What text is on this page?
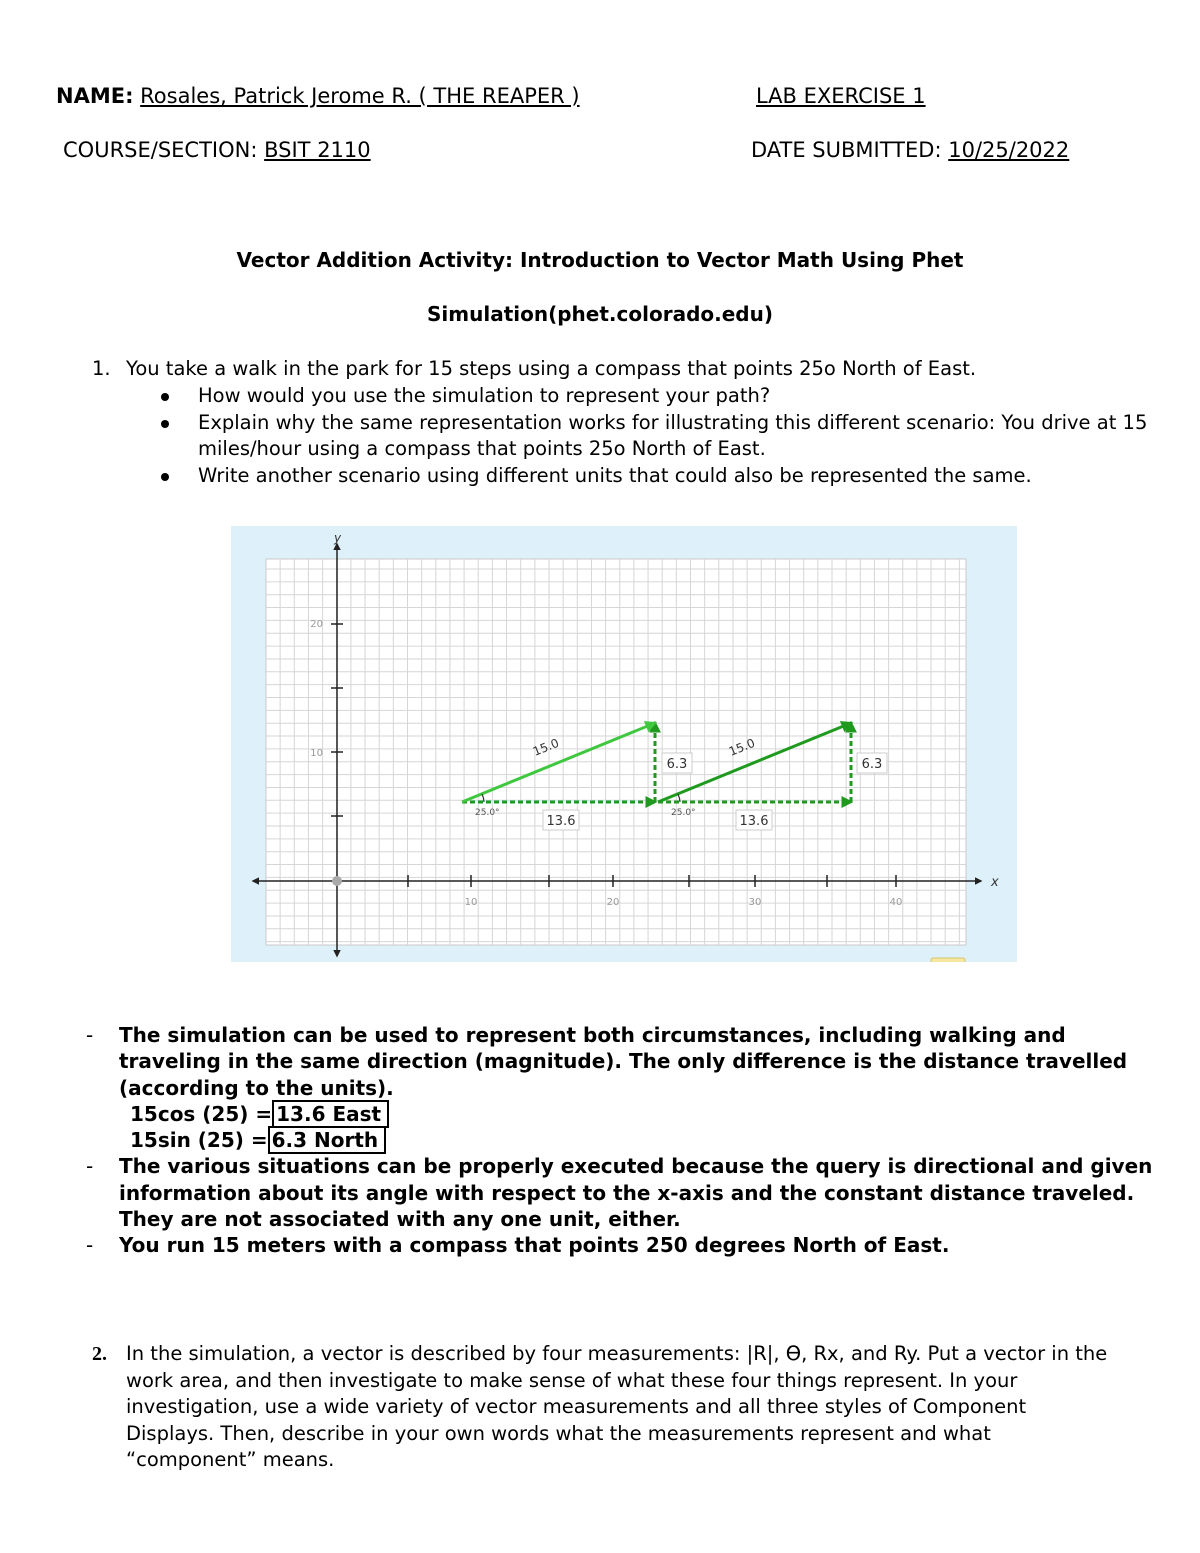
NAME: Rosales, Patrick Jerome R. ( THE REAPER )	LAB EXERCISE 1
COURSE/SECTION: BSIT 2110	DATE SUBMITTED: 10/25/2022
Vector Addition Activity: Introduction to Vector Math Using Phet
Simulation(phet.colorado.edu)
1. You take a walk in the park for 15 steps using a compass that points 25o North of East.
How would you use the simulation to represent your path?
Explain why the same representation works for illustrating this different scenario: You drive at 15 miles/hour using a compass that points 25o North of East.
Write another scenario using different units that could also be represented the same.
x
y
10	20	30	40
10
20
25.0°
15.0
6.3
13.6
25.0°
15.0
6.3
13.6
- The simulation can be used to represent both circumstances, including walking and traveling in the same direction (magnitude). The only difference is the distance travelled (according to the units).
15cos (25) = 13.6 East
15sin (25) = 6.3 North
- The various situations can be properly executed because the query is directional and given information about its angle with respect to the x-axis and the constant distance traveled. They are not associated with any one unit, either.
- You run 15 meters with a compass that points 250 degrees North of East.
2. In the simulation, a vector is described by four measurements: |R|, ϴ, Rx, and Ry. Put a vector in the work area, and then investigate to make sense of what these four things represent. In your investigation, use a wide variety of vector measurements and all three styles of Component Displays. Then, describe in your own words what the measurements represent and what “component” means.
